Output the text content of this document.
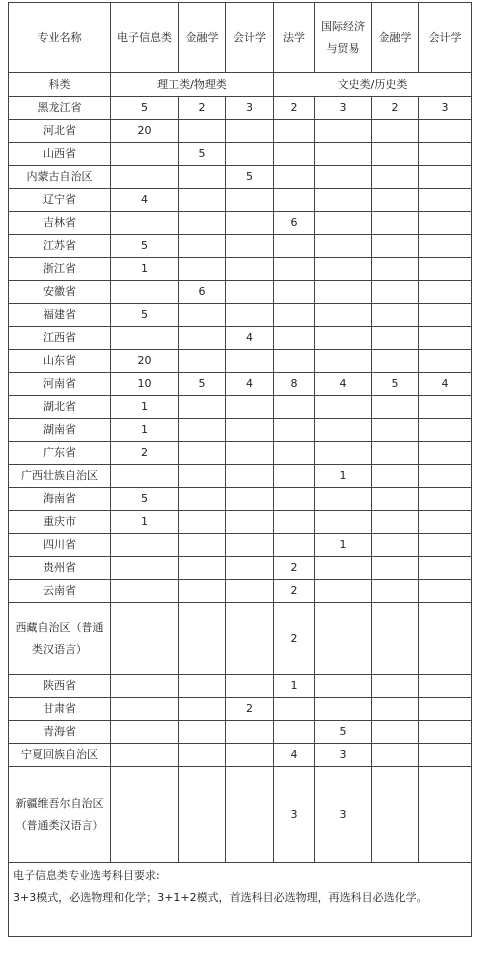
专业名称	电子信息类	金融学	会计学	法学	国际经济与贸易	金融学	会计学
科类	理工类/物理类			文史类/历史类			
黑龙江省	5	2	3	2	3	2	3
河北省	20						
山西省		5					
内蒙古自治区			5				
辽宁省	4						
吉林省				6			
江苏省	5						
浙江省	1						
安徽省		6					
福建省	5						
江西省			4				
山东省	20						
河南省	10	5	4	8	4	5	4
湖北省	1						
湖南省	1						
广东省	2						
广西壮族自治区					1		
海南省	5						
重庆市	1						
四川省					1		
贵州省				2			
云南省				2			
西藏自治区（普通类汉语言）				2			
陕西省				1			
甘肃省			2				
青海省					5		
宁夏回族自治区				4	3		
新疆维吾尔自治区（普通类汉语言）				3	3		

电子信息类专业选考科目要求:
3+3模式，必选物理和化学；3+1+2模式，首选科目必选物理，再选科目必选化学。							
